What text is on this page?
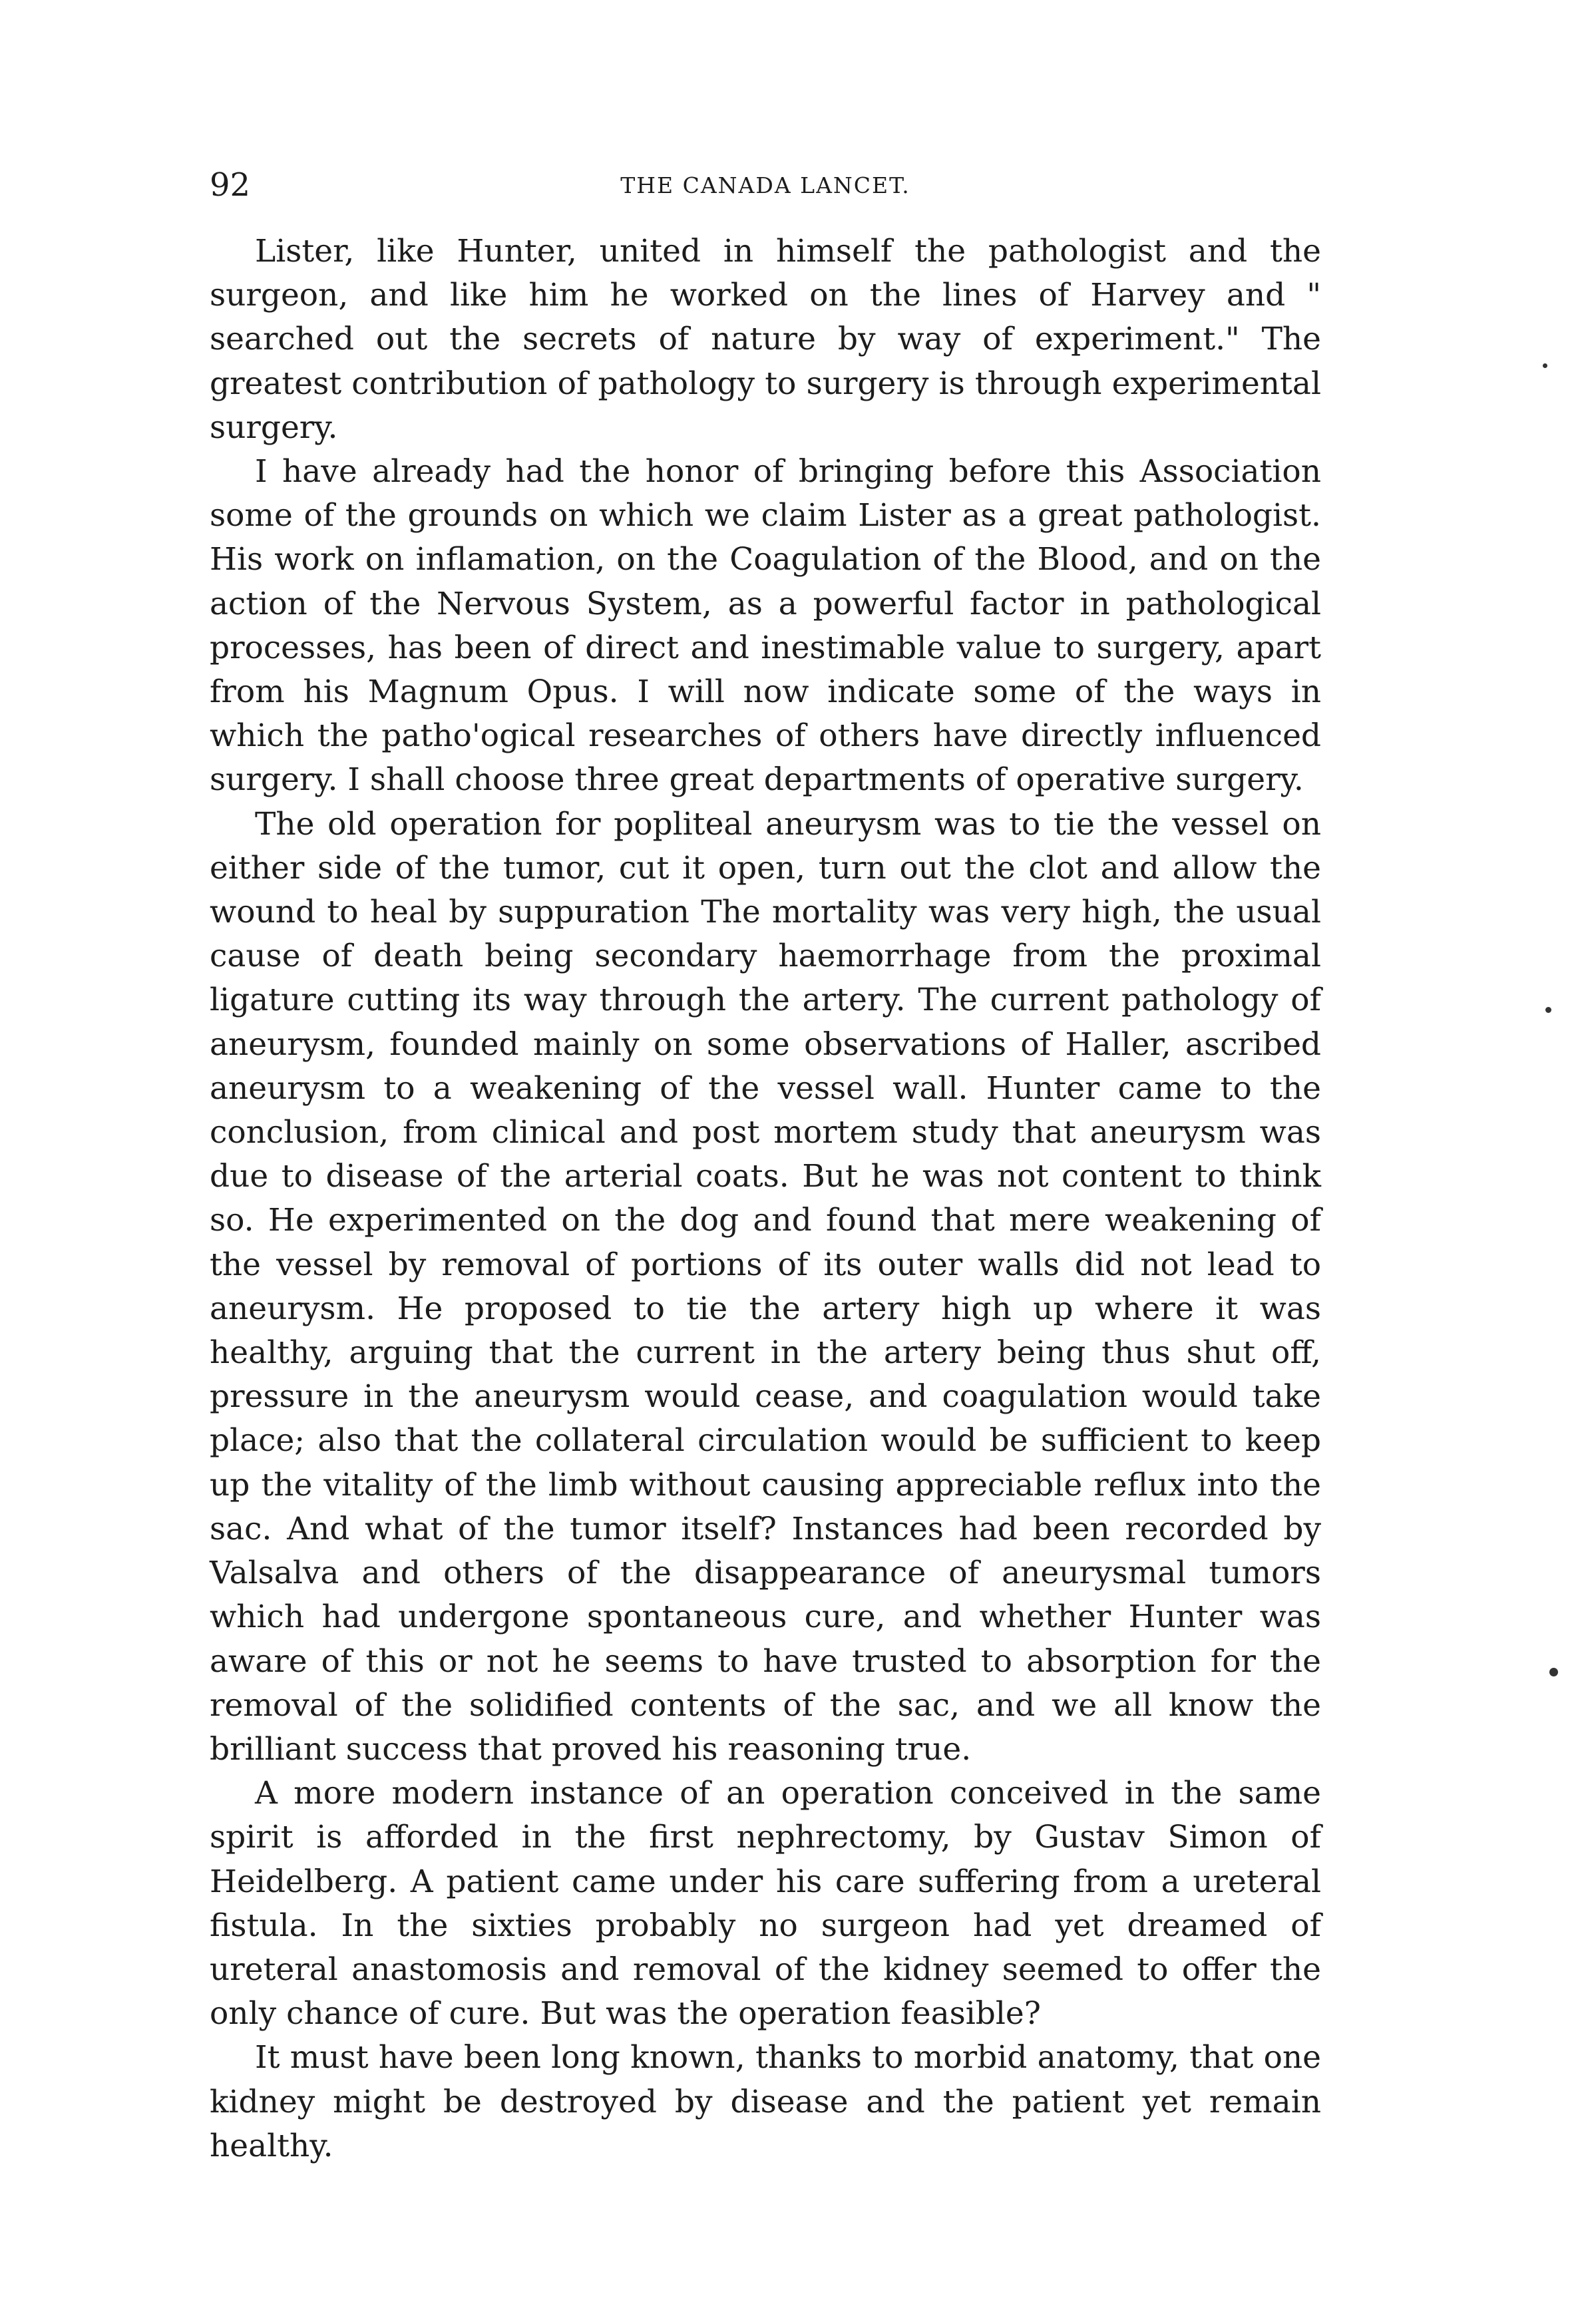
92	THE CANADA LANCET.

Lister, like Hunter, united in himself the pathologist and the surgeon, and like him he worked on the lines of Harvey and " searched out the secrets of nature by way of experiment." The greatest contribution of pathology to surgery is through experimental surgery.

I have already had the honor of bringing before this Association some of the grounds on which we claim Lister as a great pathologist. His work on inflamation, on the Coagulation of the Blood, and on the action of the Nervous System, as a powerful factor in pathological processes, has been of direct and inestimable value to surgery, apart from his Magnum Opus. I will now indicate some of the ways in which the patho'ogical researches of others have directly influenced surgery. I shall choose three great departments of operative surgery.

The old operation for popliteal aneurysm was to tie the vessel on either side of the tumor, cut it open, turn out the clot and allow the wound to heal by suppuration The mortality was very high, the usual cause of death being secondary haemorrhage from the proximal ligature cutting its way through the artery. The current pathology of aneurysm, founded mainly on some observations of Haller, ascribed aneurysm to a weakening of the vessel wall. Hunter came to the conclusion, from clinical and post mortem study that aneurysm was due to disease of the arterial coats. But he was not content to think so. He experimented on the dog and found that mere weakening of the vessel by removal of portions of its outer walls did not lead to aneurysm. He proposed to tie the artery high up where it was healthy, arguing that the current in the artery being thus shut off, pressure in the aneurysm would cease, and coagulation would take place; also that the collateral circulation would be sufficient to keep up the vitality of the limb without causing appreciable reflux into the sac. And what of the tumor itself? Instances had been recorded by Valsalva and others of the disappearance of aneurysmal tumors which had undergone spontaneous cure, and whether Hunter was aware of this or not he seems to have trusted to absorption for the removal of the solidified contents of the sac, and we all know the brilliant success that proved his reasoning true.

A more modern instance of an operation conceived in the same spirit is afforded in the first nephrectomy, by Gustav Simon of Heidelberg. A patient came under his care suffering from a ureteral fistula. In the sixties probably no surgeon had yet dreamed of ureteral anastomosis and removal of the kidney seemed to offer the only chance of cure. But was the operation feasible?

It must have been long known, thanks to morbid anatomy, that one kidney might be destroyed by disease and the patient yet remain healthy.
